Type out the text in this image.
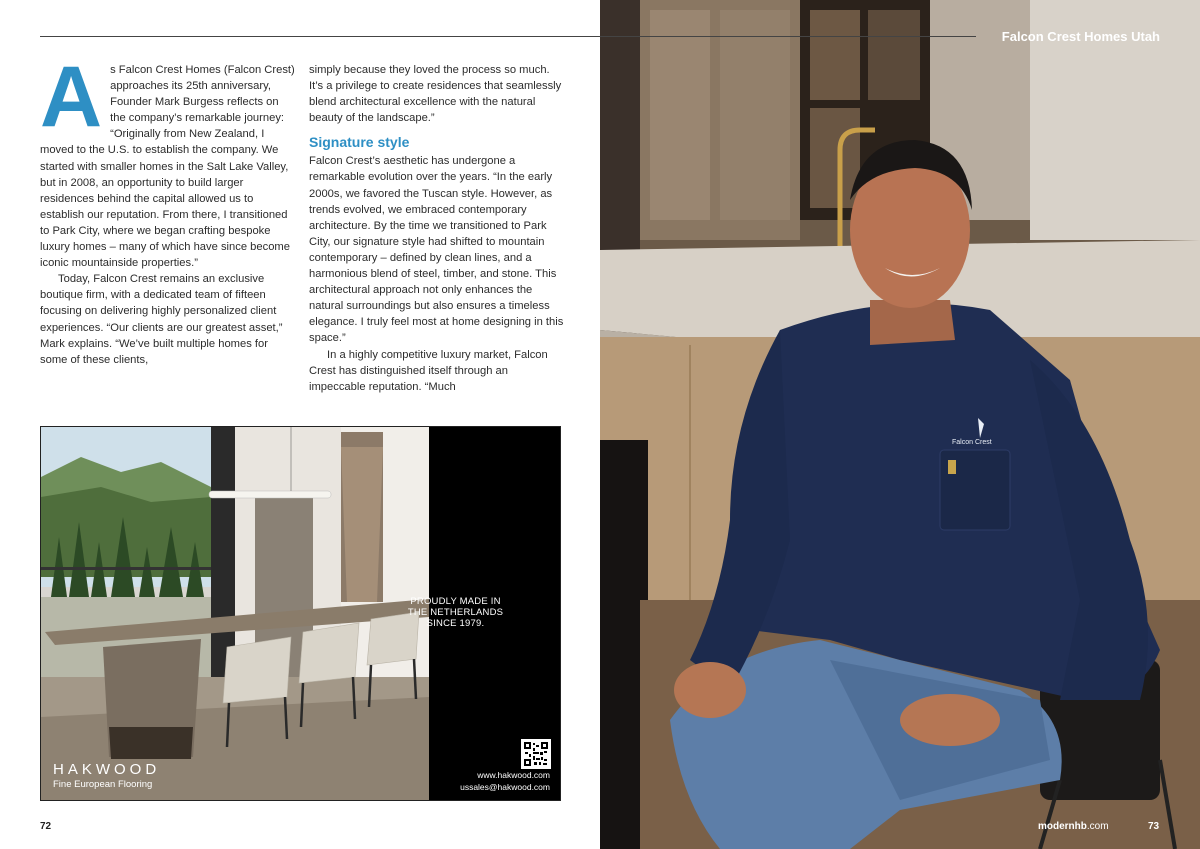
A s Falcon Crest Homes (Falcon Crest) approaches its 25th anniversary, Founder Mark Burgess reflects on the company’s remarkable journey: “Originally from New Zealand, I moved to the U.S. to establish the company. We started with smaller homes in the Salt Lake Valley, but in 2008, an opportunity to build larger residences behind the capital allowed us to establish our reputation. From there, I transitioned to Park City, where we began crafting bespoke luxury homes – many of which have since become iconic mountainside properties.”

Today, Falcon Crest remains an exclusive boutique firm, with a dedicated team of fifteen focusing on delivering highly personalized client experiences. “Our clients are our greatest asset,” Mark explains. “We’ve built multiple homes for some of these clients,

simply because they loved the process so much. It’s a privilege to create residences that seamlessly blend architectural excellence with the natural beauty of the landscape.”

Signature style

Falcon Crest’s aesthetic has undergone a remarkable evolution over the years. “In the early 2000s, we favored the Tuscan style. However, as trends evolved, we embraced contemporary architecture. By the time we transitioned to Park City, our signature style had shifted to mountain contemporary – defined by clean lines, and a harmonious blend of steel, timber, and stone. This architectural approach not only enhances the natural surroundings but also ensures a timeless elegance. I truly feel most at home designing in this space.”

In a highly competitive luxury market, Falcon Crest has distinguished itself through an impeccable reputation. “Much

HAKWOOD
Fine European Flooring
www.hakwood.com
ussales@hakwood.com
PROUDLY MADE IN
THE NETHERLANDS
SINCE 1979.
72
Falcon Crest
Falcon Crest Homes Utah
modernhb.com	73
